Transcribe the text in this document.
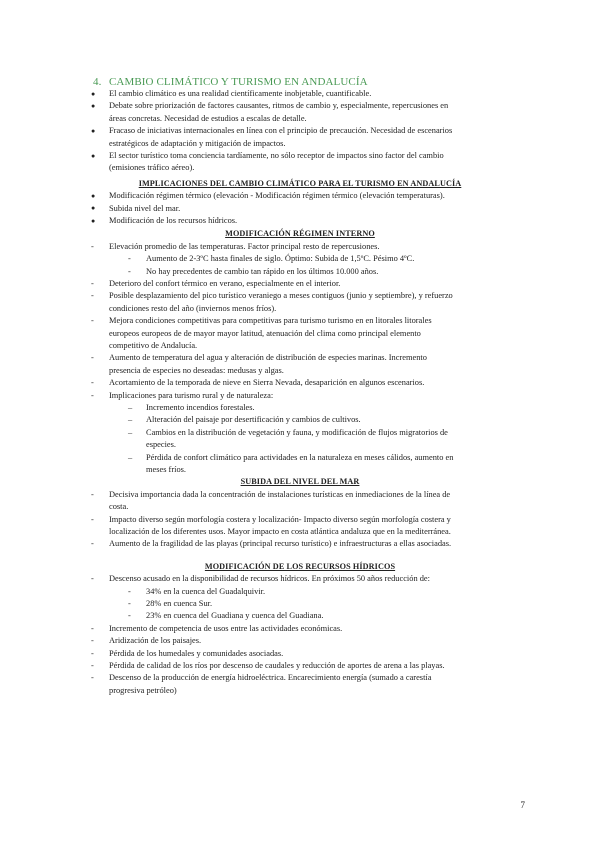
4. CAMBIO CLIMÁTICO Y TURISMO EN ANDALUCÍA
● El cambio climático es una realidad científicamente inobjetable, cuantificable.
● Debate sobre priorización de factores causantes, ritmos de cambio y, especialmente, repercusiones en
áreas concretas. Necesidad de estudios a escalas de detalle.
● Fracaso de iniciativas internacionales en línea con el principio de precaución. Necesidad de escenarios
estratégicos de adaptación y mitigación de impactos.
● El sector turístico toma conciencia tardíamente, no sólo receptor de impactos sino factor del cambio
(emisiones tráfico aéreo).
IMPLICACIONES DEL CAMBIO CLIMÁTICO PARA EL TURISMO EN ANDALUCÍA
● Modificación régimen térmico (elevación - Modificación régimen térmico (elevación temperaturas).
● Subida nivel del mar.
● Modificación de los recursos hídricos.
MODIFICACIÓN RÉGIMEN INTERNO
- Elevación promedio de las temperaturas. Factor principal resto de repercusiones.
- Aumento de 2-3ºC hasta finales de siglo. Óptimo: Subida de 1,5ºC. Pésimo 4ºC.
- No hay precedentes de cambio tan rápido en los últimos 10.000 años.
- Deterioro del confort térmico en verano, especialmente en el interior.
- Posible desplazamiento del pico turístico veraniego a meses contiguos (junio y septiembre), y refuerzo
condiciones resto del año (inviernos menos fríos).
- Mejora condiciones competitivas para competitivas para turismo turismo en en litorales litorales
europeos europeos de de mayor mayor latitud, atenuación del clima como principal elemento
competitivo de Andalucía.
- Aumento de temperatura del agua y alteración de distribución de especies marinas. Incremento
presencia de especies no deseadas: medusas y algas.
- Acortamiento de la temporada de nieve en Sierra Nevada, desaparición en algunos escenarios.
- Implicaciones para turismo rural y de naturaleza:
– Incremento incendios forestales.
– Alteración del paisaje por desertificación y cambios de cultivos.
– Cambios en la distribución de vegetación y fauna, y modificación de flujos migratorios de
especies.
– Pérdida de confort climático para actividades en la naturaleza en meses cálidos, aumento en
meses fríos.
SUBIDA DEL NIVEL DEL MAR
- Decisiva importancia dada la concentración de instalaciones turísticas en inmediaciones de la línea de
costa.
- Impacto diverso según morfología costera y localización- Impacto diverso según morfología costera y
localización de los diferentes usos. Mayor impacto en costa atlántica andaluza que en la mediterránea.
- Aumento de la fragilidad de las playas (principal recurso turístico) e infraestructuras a ellas asociadas.
MODIFICACIÓN DE LOS RECURSOS HÍDRICOS
- Descenso acusado en la disponibilidad de recursos hídricos. En próximos 50 años reducción de:
- 34% en la cuenca del Guadalquivir.
- 28% en cuenca Sur.
- 23% en cuenca del Guadiana y cuenca del Guadiana.
- Incremento de competencia de usos entre las actividades económicas.
- Aridización de los paisajes.
- Pérdida de los humedales y comunidades asociadas.
- Pérdida de calidad de los ríos por descenso de caudales y reducción de aportes de arena a las playas.
- Descenso de la producción de energía hidroeléctrica. Encarecimiento energía (sumado a carestía
progresiva petróleo)
7
